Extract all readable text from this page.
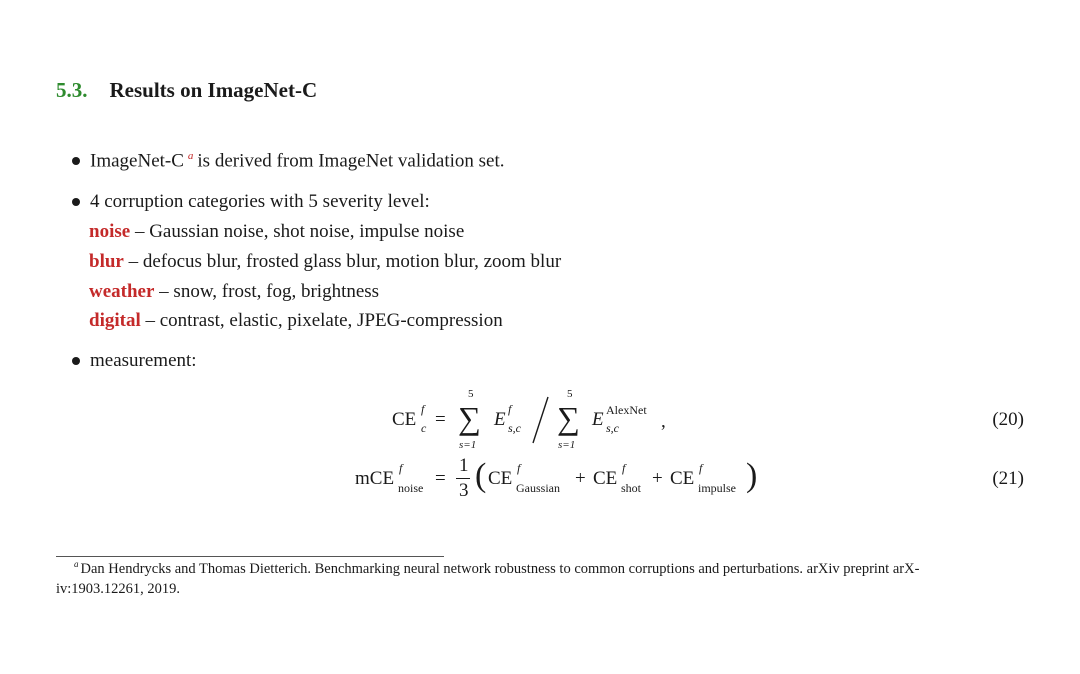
5.3. Results on ImageNet-C
ImageNet-C $^a$ is derived from ImageNet validation set.
4 corruption categories with 5 severity level:
noise – Gaussian noise, shot noise, impulse noise
blur – defocus blur, frosted glass blur, motion blur, zoom blur
weather – snow, frost, fog, brightness
digital – contrast, elastic, pixelate, JPEG-compression
measurement:
CE f
c =
5
∑
s=1
E f
s,c
5
∑
s=1
E AlexNet
s,c ,	(20)
mCE f
noise =
1
3 ( CE f
Gaussian + CE f
shot + CE f
impulse )	(21)
$^a$ Dan Hendrycks and Thomas Dietterich. Benchmarking neural network robustness to common corruptions and perturbations. arXiv preprint arX-
iv:1903.12261, 2019.
